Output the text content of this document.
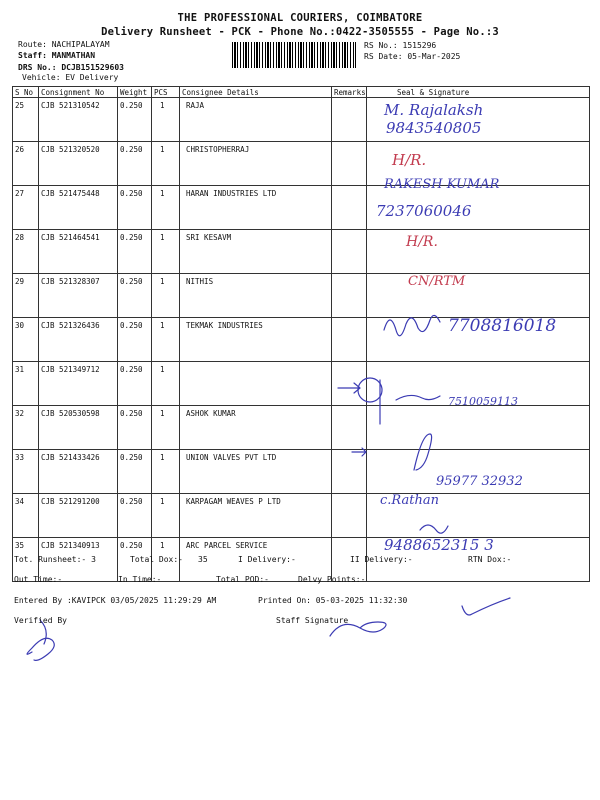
THE PROFESSIONAL COURIERS, COIMBATORE
Delivery Runsheet - PCK - Phone No.:0422-3505555 - Page No.:3
Route: NACHIPALAYAM
Staff: MANMATHAN
DRS No.: DCJB151529603
Vehicle: EV Delivery
RS No.: 1515296
RS Date: 05-Mar-2025
S No	Consignment No	Weight	PCS	Consignee Details	Remarks	Seal & Signature
25	CJB 521310542	0.250	1	RAJA		
26	CJB 521320520	0.250	1	CHRISTOPHERRAJ		
27	CJB 521475448	0.250	1	HARAN INDUSTRIES LTD		
28	CJB 521464541	0.250	1	SRI KESAVM		
29	CJB 521328307	0.250	1	NITHIS		
30	CJB 521326436	0.250	1	TEKMAK INDUSTRIES		
31	CJB 521349712	0.250	1			
32	CJB 520530598	0.250	1	ASHOK KUMAR		
33	CJB 521433426	0.250	1	UNION VALVES PVT LTD		
34	CJB 521291200	0.250	1	KARPAGAM WEAVES P LTD		
35	CJB 521340913	0.250	1	ARC PARCEL SERVICE		
M. Rajalaksh
9843540805
H/R.
RAKESH KUMAR
7237060046
H/R.
CN/RTM
7708816018
7510059113
95977 32932
c.Rathan
9488652315 3
Tot. Runsheet:- 3	Total Dox:- 35	I Delivery:-	II Delivery:-	RTN Dox:-
Out Time:-	In Time:-	Total POD:-	Delvy Points:-
Entered By :KAVIPCK 03/05/2025 11:29:29 AM	Printed On: 05-03-2025 11:32:30
Verified By	Staff Signature
